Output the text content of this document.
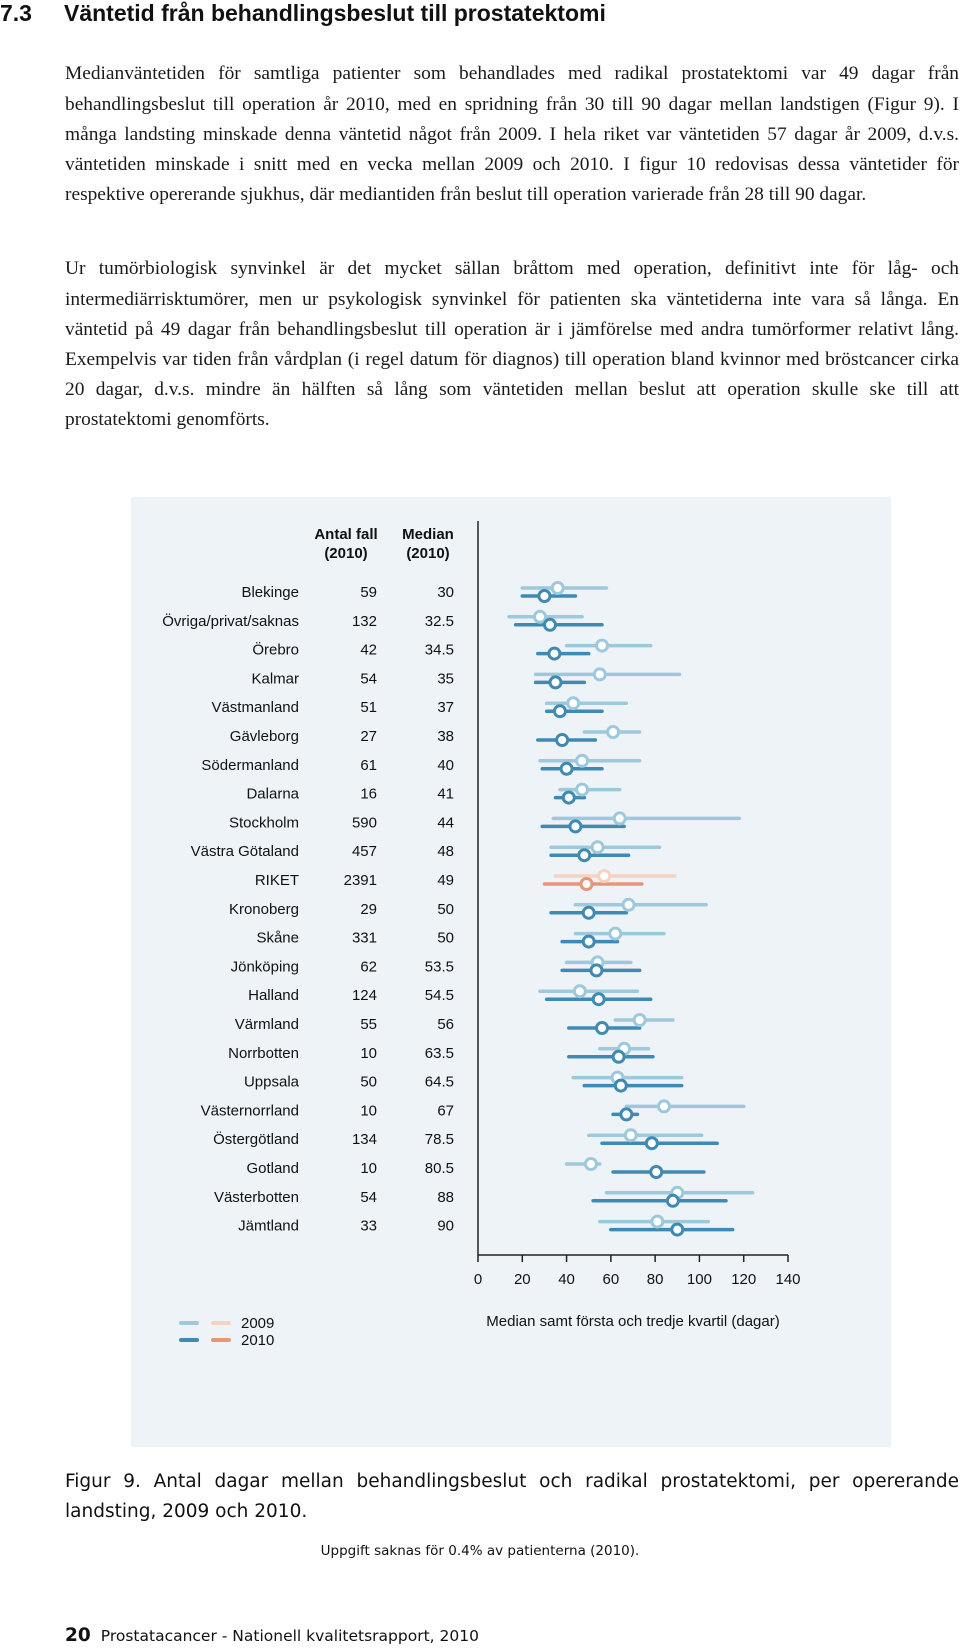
7.3 Väntetid från behandlingsbeslut till prostatektomi

Medianväntetiden för samtliga patienter som behandlades med radikal prostatektomi var 49 dagar från behandlingsbeslut till operation år 2010, med en spridning från 30 till 90 dagar mellan landstigen (Figur 9). I många landsting minskade denna väntetid något från 2009. I hela riket var väntetiden 57 dagar år 2009, d.v.s. väntetiden minskade i snitt med en vecka mellan 2009 och 2010. I figur 10 redovisas dessa väntetider för respektive opererande sjukhus, där mediantiden från beslut till operation varierade från 28 till 90 dagar.

Ur tumörbiologisk synvinkel är det mycket sällan bråttom med operation, definitivt inte för låg- och intermediärrisktumörer, men ur psykologisk synvinkel för patienten ska väntetiderna inte vara så långa. En väntetid på 49 dagar från behandlingsbeslut till operation är i jämförelse med andra tumörformer relativt lång. Exempelvis var tiden från vårdplan (i regel datum för diagnos) till operation bland kvinnor med bröstcancer cirka 20 dagar, d.v.s. mindre än hälften så lång som väntetiden mellan beslut att operation skulle ske till att prostatektomi genomförts.

Antal fall
(2010)
Median
(2010)
0 20 40 60 80 100 120 140
Median samt första och tredje kvartil (dagar)
Blekinge	59	30
Övriga/privat/saknas	132	32.5
Örebro	42	34.5
Kalmar	54	35
Västmanland	51	37
Gävleborg	27	38
Södermanland	61	40
Dalarna	16	41
Stockholm	590	44
Västra Götaland	457	48
RIKET	2391	49
Kronoberg	29	50
Skåne	331	50
Jönköping	62	53.5
Halland	124	54.5
Värmland	55	56
Norrbotten	10	63.5
Uppsala	50	64.5
Västernorrland	10	67
Östergötland	134	78.5
Gotland	10	80.5
Västerbotten	54	88
Jämtland	33	90
2009
2010
Figur 9. Antal dagar mellan behandlingsbeslut och radikal prostatektomi, per opererande landsting, 2009 och 2010.
Uppgift saknas för 0.4% av patienterna (2010).
20 Prostatacancer - Nationell kvalitetsrapport, 2010
